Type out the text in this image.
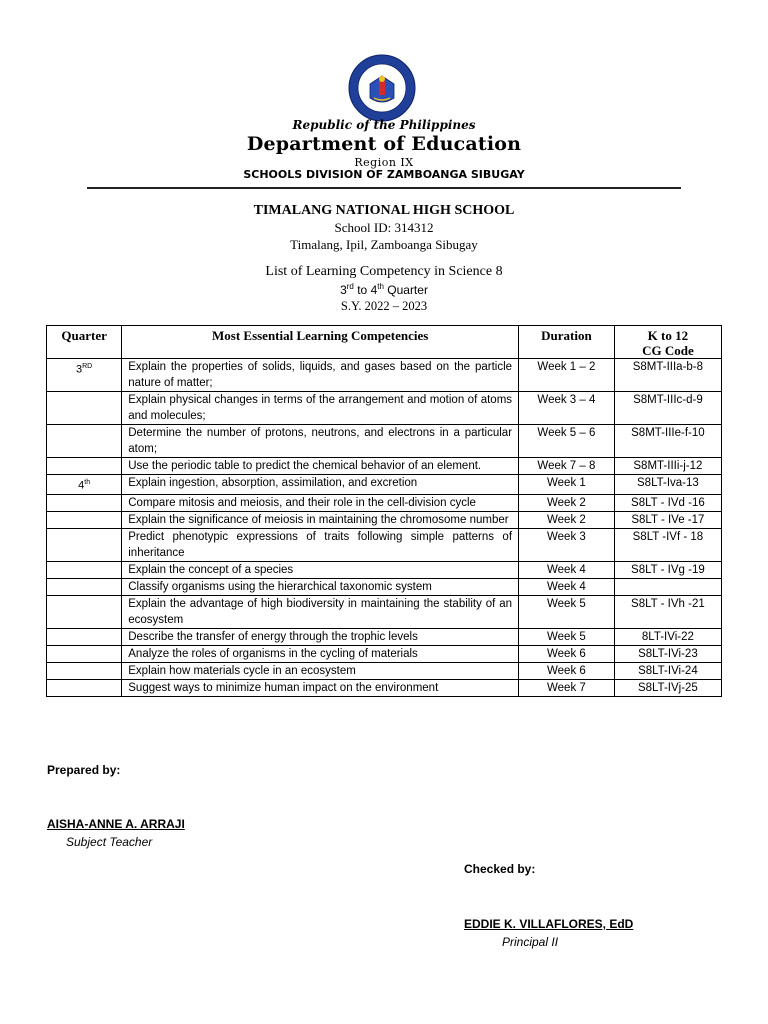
Republic of the Philippines
Department of Education
Region IX
SCHOOLS DIVISION OF ZAMBOANGA SIBUGAY
TIMALANG NATIONAL HIGH SCHOOL
School ID: 314312
Timalang, Ipil, Zamboanga Sibugay
List of Learning Competency in Science 8
3rd to 4th Quarter
S.Y. 2022 – 2023
Quarter	Most Essential Learning Competencies	Duration	K to 12
CG Code
3RD	Explain the properties of solids, liquids, and gases based on the particle nature of matter;	Week 1 – 2	S8MT-IIIa-b-8
	Explain physical changes in terms of the arrangement and motion of atoms and molecules;	Week 3 – 4	S8MT-IIIc-d-9
	Determine the number of protons, neutrons, and electrons in a particular atom;	Week 5 – 6	S8MT-IIIe-f-10
	Use the periodic table to predict the chemical behavior of an element.	Week 7 – 8	S8MT-IIIi-j-12
4th	Explain ingestion, absorption, assimilation, and excretion	Week 1	S8LT-Iva-13
	Compare mitosis and meiosis, and their role in the cell-division cycle	Week 2	S8LT - IVd -16
	Explain the significance of meiosis in maintaining the chromosome number	Week 2	S8LT - IVe -17
	Predict phenotypic expressions of traits following simple patterns of inheritance	Week 3	S8LT -IVf - 18
	Explain the concept of a species	Week 4	S8LT - IVg -19
	Classify organisms using the hierarchical taxonomic system	Week 4	
	Explain the advantage of high biodiversity in maintaining the stability of an ecosystem	Week 5	S8LT - IVh -21
	Describe the transfer of energy through the trophic levels	Week 5	8LT-IVi-22
	Analyze the roles of organisms in the cycling of materials	Week 6	S8LT-IVi-23
	Explain how materials cycle in an ecosystem	Week 6	S8LT-IVi-24
	Suggest ways to minimize human impact on the environment	Week 7	S8LT-IVj-25
Prepared by:
AISHA-ANNE A. ARRAJI
Subject Teacher
Checked by:
EDDIE K. VILLAFLORES, EdD
Principal II
